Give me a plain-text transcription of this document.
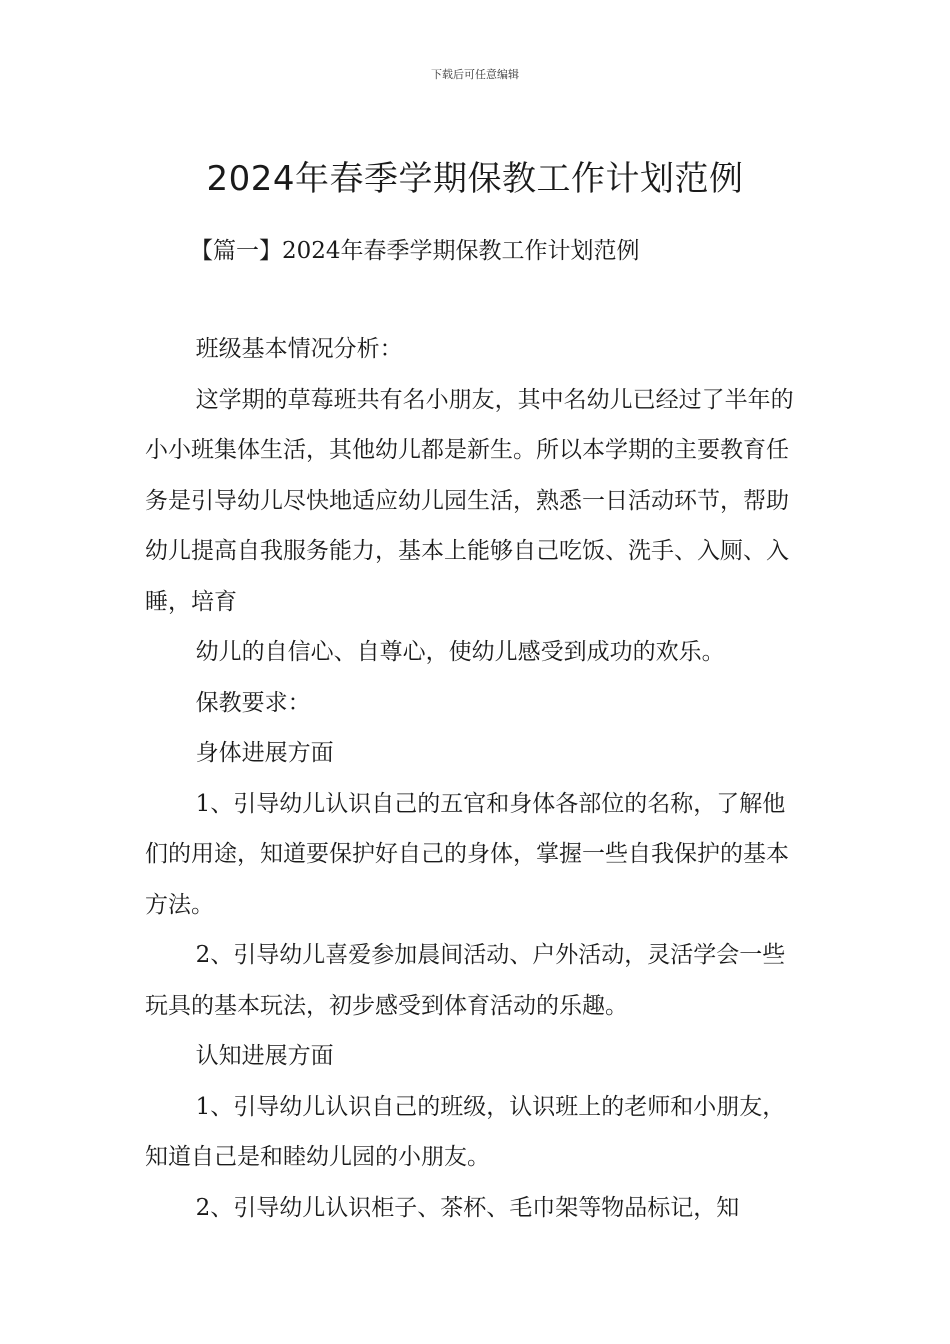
下载后可任意编辑
2024年春季学期保教工作计划范例
【篇一】2024年春季学期保教工作计划范例

班级基本情况分析：

这学期的草莓班共有名小朋友，其中名幼儿已经过了半年的小小班集体生活，其他幼儿都是新生。所以本学期的主要教育任务是引导幼儿尽快地适应幼儿园生活，熟悉一日活动环节，帮助幼儿提高自我服务能力，基本上能够自己吃饭、洗手、入厕、入睡，培育

幼儿的自信心、自尊心，使幼儿感受到成功的欢乐。

保教要求：

身体进展方面

1、引导幼儿认识自己的五官和身体各部位的名称，了解他们的用途，知道要保护好自己的身体，掌握一些自我保护的基本方法。

2、引导幼儿喜爱参加晨间活动、户外活动，灵活学会一些玩具的基本玩法，初步感受到体育活动的乐趣。

认知进展方面

1、引导幼儿认识自己的班级，认识班上的老师和小朋友，知道自己是和睦幼儿园的小朋友。

2、引导幼儿认识柜子、茶杯、毛巾架等物品标记，知
